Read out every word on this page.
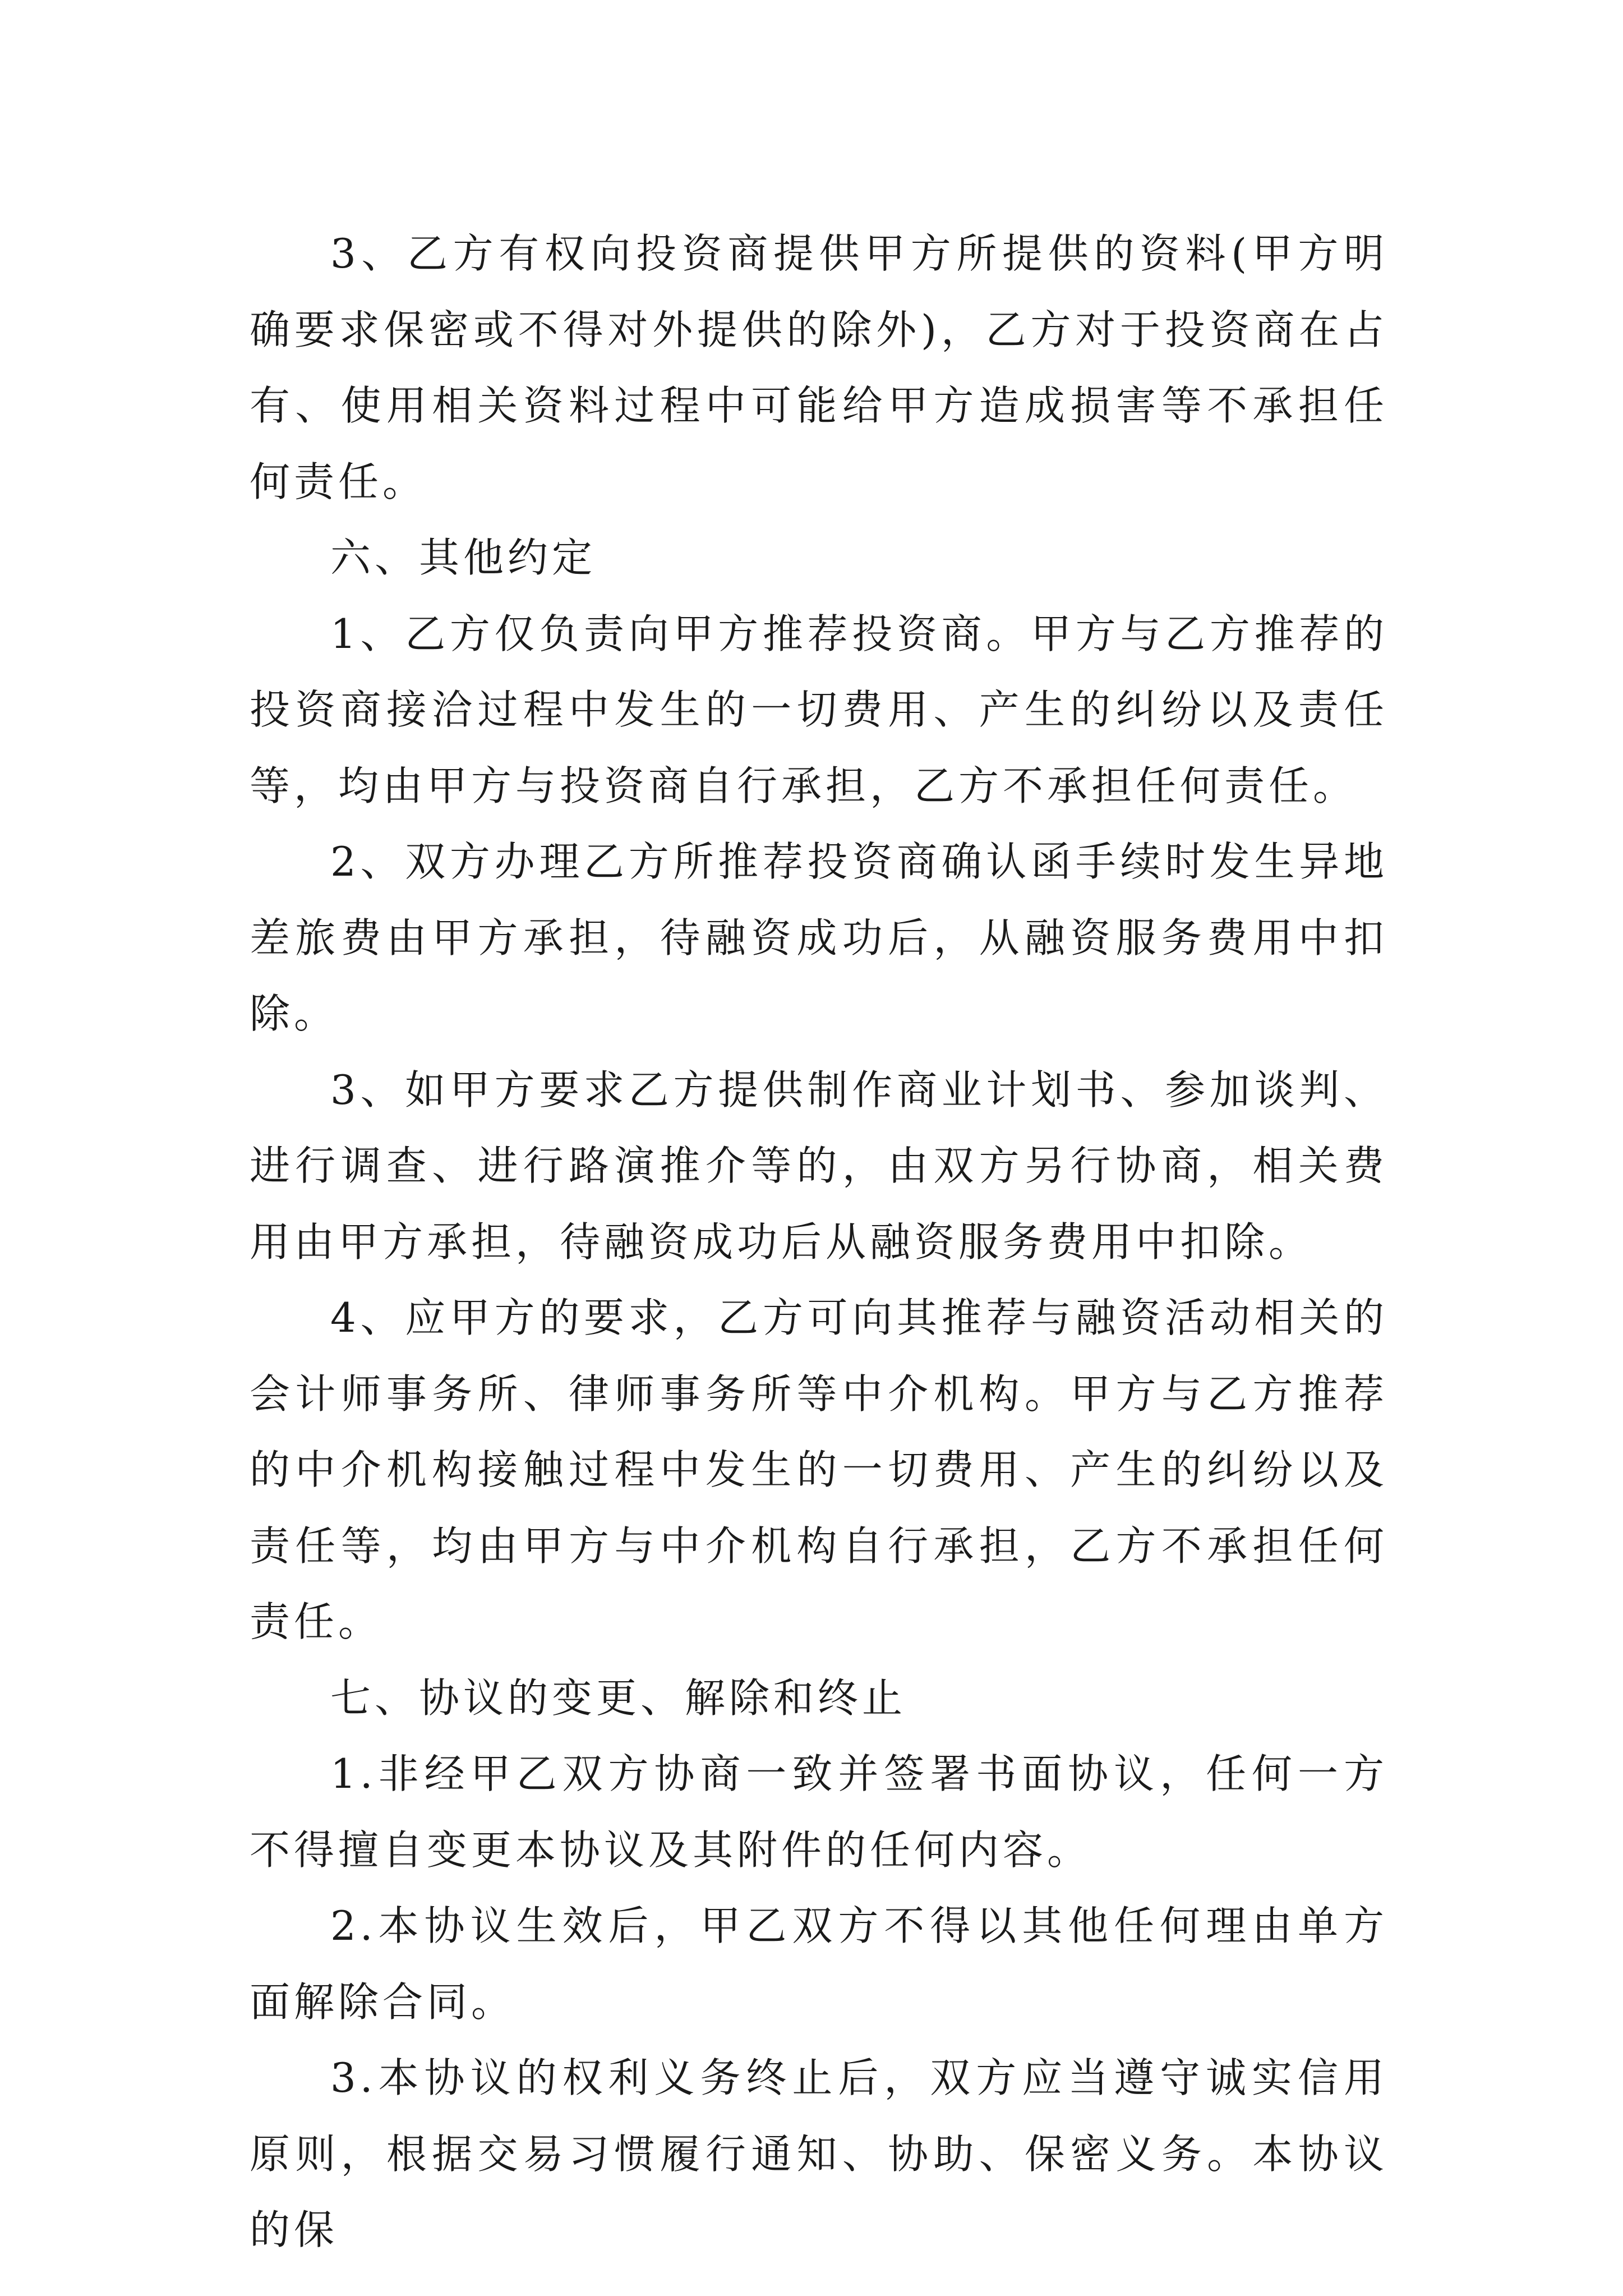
3、乙方有权向投资商提供甲方所提供的资料(甲方明确要求保密或不得对外提供的除外)，乙方对于投资商在占有、使用相关资料过程中可能给甲方造成损害等不承担任何责任。

六、其他约定

1、乙方仅负责向甲方推荐投资商。甲方与乙方推荐的投资商接洽过程中发生的一切费用、产生的纠纷以及责任等，均由甲方与投资商自行承担，乙方不承担任何责任。

2、双方办理乙方所推荐投资商确认函手续时发生异地差旅费由甲方承担，待融资成功后，从融资服务费用中扣除。

3、如甲方要求乙方提供制作商业计划书、参加谈判、进行调查、进行路演推介等的，由双方另行协商，相关费用由甲方承担，待融资成功后从融资服务费用中扣除。

4、应甲方的要求，乙方可向其推荐与融资活动相关的会计师事务所、律师事务所等中介机构。甲方与乙方推荐的中介机构接触过程中发生的一切费用、产生的纠纷以及责任等，均由甲方与中介机构自行承担，乙方不承担任何责任。

七、协议的变更、解除和终止

1.非经甲乙双方协商一致并签署书面协议，任何一方不得擅自变更本协议及其附件的任何内容。

2.本协议生效后，甲乙双方不得以其他任何理由单方面解除合同。

3.本协议的权利义务终止后，双方应当遵守诚实信用原则，根据交易习惯履行通知、协助、保密义务。本协议的保
